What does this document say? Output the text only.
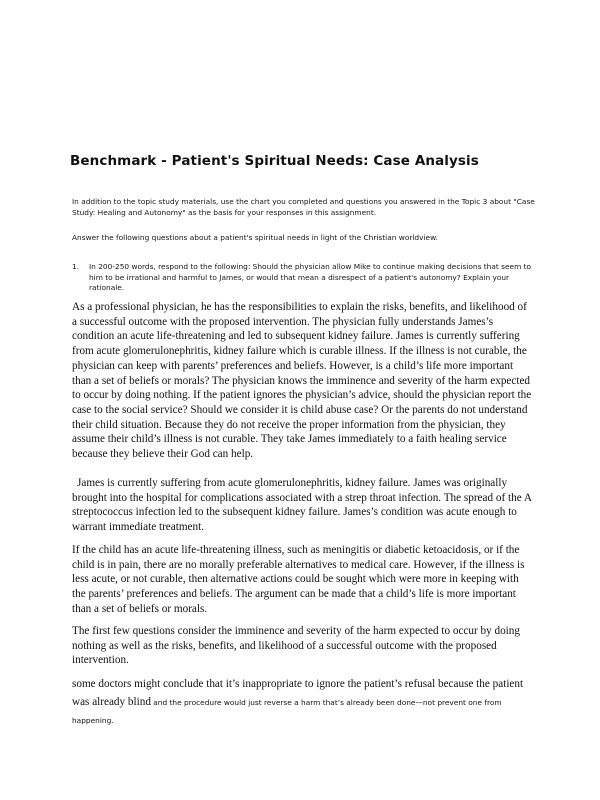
Benchmark - Patient's Spiritual Needs: Case Analysis
In addition to the topic study materials, use the chart you completed and questions you answered in the Topic 3 about "Case Study: Healing and Autonomy" as the basis for your responses in this assignment.
Answer the following questions about a patient's spiritual needs in light of the Christian worldview.
1. In 200-250 words, respond to the following: Should the physician allow Mike to continue making decisions that seem to him to be irrational and harmful to James, or would that mean a disrespect of a patient's autonomy? Explain your rationale.

As a professional physician, he has the responsibilities to explain the risks, benefits, and likelihood of a successful outcome with the proposed intervention. The physician fully understands James’s condition an acute life-threatening and led to subsequent kidney failure. James is currently suffering from acute glomerulonephritis, kidney failure which is curable illness. If the illness is not curable, the physician can keep with parents’ preferences and beliefs. However, is a child’s life more important than a set of beliefs or morals? The physician knows the imminence and severity of the harm expected to occur by doing nothing. If the patient ignores the physician’s advice, should the physician report the case to the social service? Should we consider it is child abuse case? Or the parents do not understand their child situation. Because they do not receive the proper information from the physician, they assume their child’s illness is not curable. They take James immediately to a faith healing service because they believe their God can help.

James is currently suffering from acute glomerulonephritis, kidney failure. James was originally brought into the hospital for complications associated with a strep throat infection. The spread of the A streptococcus infection led to the subsequent kidney failure. James’s condition was acute enough to warrant immediate treatment.

If the child has an acute life-threatening illness, such as meningitis or diabetic ketoacidosis, or if the child is in pain, there are no morally preferable alternatives to medical care. However, if the illness is less acute, or not curable, then alternative actions could be sought which were more in keeping with the parents’ preferences and beliefs. The argument can be made that a child’s life is more important than a set of beliefs or morals.

The first few questions consider the imminence and severity of the harm expected to occur by doing nothing as well as the risks, benefits, and likelihood of a successful outcome with the proposed intervention.

some doctors might conclude that it’s inappropriate to ignore the patient’s refusal because the patient was already blind and the procedure would just reverse a harm that’s already been done—not prevent one from happening.
